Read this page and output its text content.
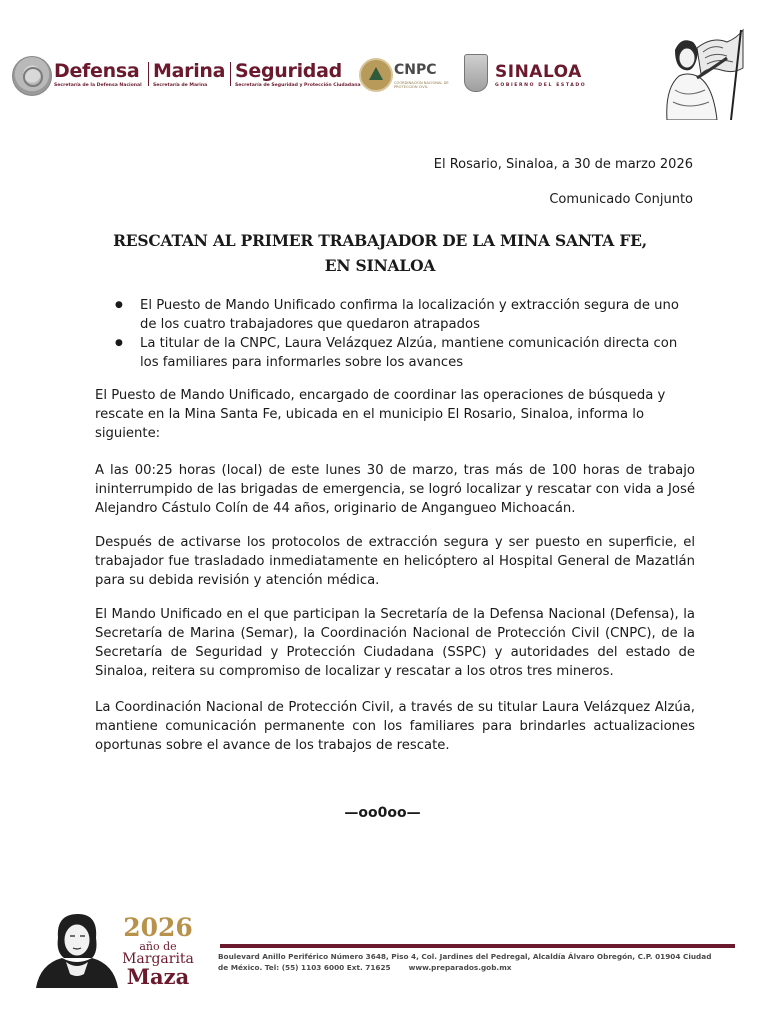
Defensa
Secretaría de la Defensa Nacional
Marina
Secretaría de Marina
Seguridad
Secretaría de Seguridad y Protección Ciudadana
CNPC
COORDINACIÓN NACIONAL DE PROTECCIÓN CIVIL
SINALOA
GOBIERNO DEL ESTADO
El Rosario, Sinaloa, a 30 de marzo 2026
Comunicado Conjunto
RESCATAN AL PRIMER TRABAJADOR DE LA MINA SANTA FE,
EN SINALOA
● El Puesto de Mando Unificado confirma la localización y extracción segura de uno de los cuatro trabajadores que quedaron atrapados
● La titular de la CNPC, Laura Velázquez Alzúa, mantiene comunicación directa con los familiares para informarles sobre los avances

El Puesto de Mando Unificado, encargado de coordinar las operaciones de búsqueda y rescate en la Mina Santa Fe, ubicada en el municipio El Rosario, Sinaloa, informa lo siguiente:

A las 00:25 horas (local) de este lunes 30 de marzo, tras más de 100 horas de trabajo ininterrumpido de las brigadas de emergencia, se logró localizar y rescatar con vida a José Alejandro Cástulo Colín de 44 años, originario de Angangueo Michoacán.

Después de activarse los protocolos de extracción segura y ser puesto en superficie, el trabajador fue trasladado inmediatamente en helicóptero al Hospital General de Mazatlán para su debida revisión y atención médica.

El Mando Unificado en el que participan la Secretaría de la Defensa Nacional (Defensa), la Secretaría de Marina (Semar), la Coordinación Nacional de Protección Civil (CNPC), de la Secretaría de Seguridad y Protección Ciudadana (SSPC) y autoridades del estado de Sinaloa, reitera su compromiso de localizar y rescatar a los otros tres mineros.

La Coordinación Nacional de Protección Civil, a través de su titular Laura Velázquez Alzúa, mantiene comunicación permanente con los familiares para brindarles actualizaciones oportunas sobre el avance de los trabajos de rescate.

—oo0oo—
2026
año de
Margarita
Maza
Boulevard Anillo Periférico Número 3648, Piso 4, Col. Jardines del Pedregal, Alcaldía Álvaro Obregón, C.P. 01904 Ciudad de México. Tel: (55) 1103 6000 Ext. 71625 www.preparados.gob.mx
